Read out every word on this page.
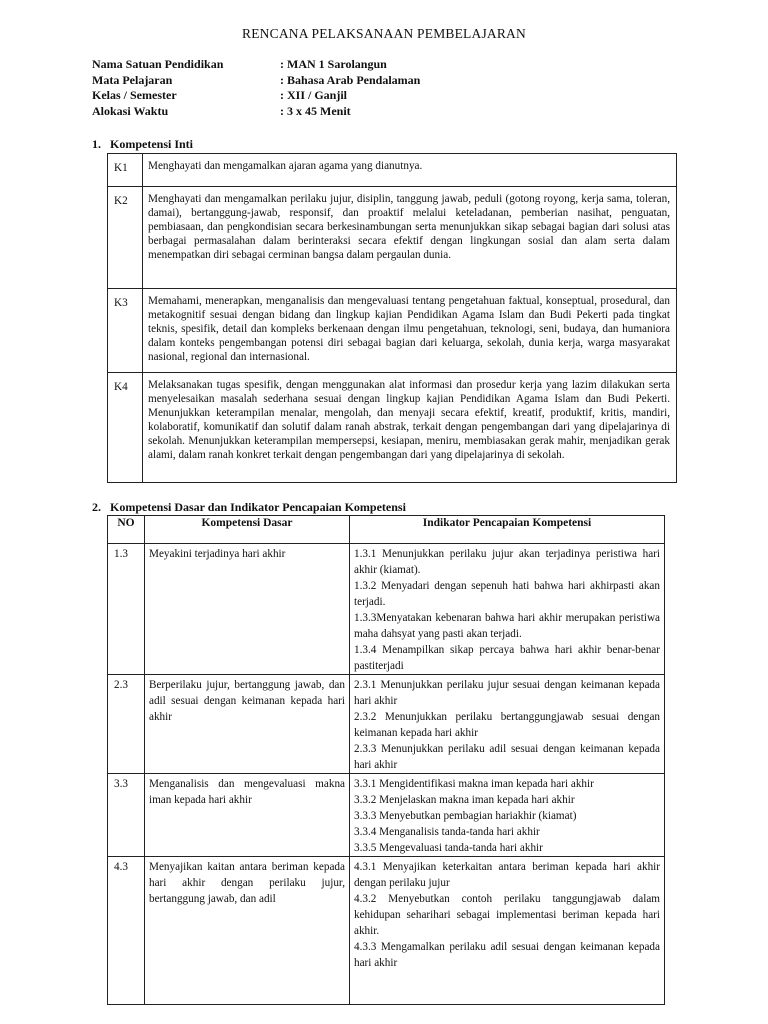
RENCANA PELAKSANAAN PEMBELAJARAN
Nama Satuan Pendidikan	: MAN 1 Sarolangun
Mata Pelajaran	: Bahasa Arab Pendalaman
Kelas / Semester	: XII / Ganjil
Alokasi Waktu	: 3 x 45 Menit
1. Kompetensi Inti
K1	Menghayati dan mengamalkan ajaran agama yang dianutnya.
K2	Menghayati dan mengamalkan perilaku jujur, disiplin, tanggung jawab, peduli (gotong royong, kerja sama, toleran, damai), bertanggung-jawab, responsif, dan proaktif melalui keteladanan, pemberian nasihat, penguatan, pembiasaan, dan pengkondisian secara berkesinambungan serta menunjukkan sikap sebagai bagian dari solusi atas berbagai permasalahan dalam berinteraksi secara efektif dengan lingkungan sosial dan alam serta dalam menempatkan diri sebagai cerminan bangsa dalam pergaulan dunia.
K3	Memahami, menerapkan, menganalisis dan mengevaluasi tentang pengetahuan faktual, konseptual, prosedural, dan metakognitif sesuai dengan bidang dan lingkup kajian Pendidikan Agama Islam dan Budi Pekerti pada tingkat teknis, spesifik, detail dan kompleks berkenaan dengan ilmu pengetahuan, teknologi, seni, budaya, dan humaniora dalam konteks pengembangan potensi diri sebagai bagian dari keluarga, sekolah, dunia kerja, warga masyarakat nasional, regional dan internasional.
K4	Melaksanakan tugas spesifik, dengan menggunakan alat informasi dan prosedur kerja yang lazim dilakukan serta menyelesaikan masalah sederhana sesuai dengan lingkup kajian Pendidikan Agama Islam dan Budi Pekerti. Menunjukkan keterampilan menalar, mengolah, dan menyaji secara efektif, kreatif, produktif, kritis, mandiri, kolaboratif, komunikatif dan solutif dalam ranah abstrak, terkait dengan pengembangan dari yang dipelajarinya di sekolah. Menunjukkan keterampilan mempersepsi, kesiapan, meniru, membiasakan gerak mahir, menjadikan gerak alami, dalam ranah konkret terkait dengan pengembangan dari yang dipelajarinya di sekolah.
2. Kompetensi Dasar dan Indikator Pencapaian Kompetensi
NO	Kompetensi Dasar	Indikator Pencapaian Kompetensi
1.3	Meyakini terjadinya hari akhir	1.3.1 Menunjukkan perilaku jujur akan terjadinya peristiwa hari akhir (kiamat).
1.3.2 Menyadari dengan sepenuh hati bahwa hari akhirpasti akan terjadi.
1.3.3Menyatakan kebenaran bahwa hari akhir merupakan peristiwa maha dahsyat yang pasti akan terjadi.
1.3.4 Menampilkan sikap percaya bahwa hari akhir benar-benar pastiterjadi

2.3	Berperilaku jujur, bertanggung jawab, dan adil sesuai dengan keimanan kepada hari akhir	2.3.1 Menunjukkan perilaku jujur sesuai dengan keimanan kepada hari akhir
2.3.2 Menunjukkan perilaku bertanggungjawab sesuai dengan keimanan kepada hari akhir
2.3.3 Menunjukkan perilaku adil sesuai dengan keimanan kepada hari akhir

3.3	Menganalisis dan mengevaluasi makna iman kepada hari akhir	3.3.1 Mengidentifikasi makna iman kepada hari akhir
3.3.2 Menjelaskan makna iman kepada hari akhir
3.3.3 Menyebutkan pembagian hariakhir (kiamat)
3.3.4 Menganalisis tanda-tanda hari akhir
3.3.5 Mengevaluasi tanda-tanda hari akhir

4.3	Menyajikan kaitan antara beriman kepada hari akhir dengan perilaku jujur, bertanggung jawab, dan adil	4.3.1 Menyajikan keterkaitan antara beriman kepada hari akhir dengan perilaku jujur
4.3.2 Menyebutkan contoh perilaku tanggungjawab dalam kehidupan seharihari sebagai implementasi beriman kepada hari akhir.
4.3.3 Mengamalkan perilaku adil sesuai dengan keimanan kepada hari akhir
